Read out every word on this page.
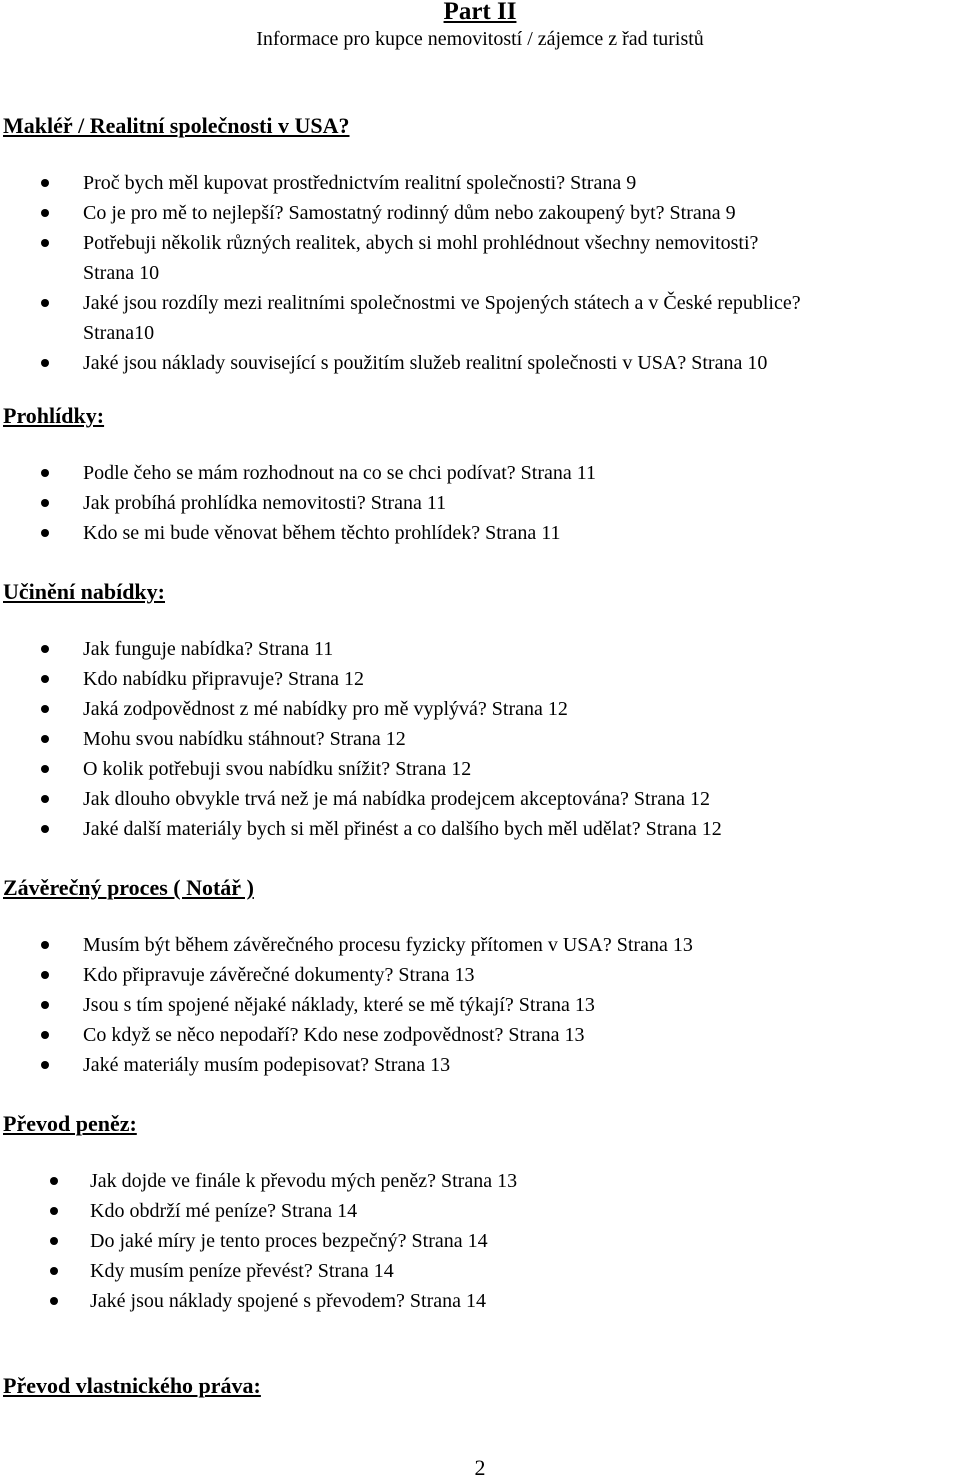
Part II
Informace pro kupce nemovitostí / zájemce z řad turistů
Makléř / Realitní společnosti v USA?
Proč bych měl kupovat prostřednictvím realitní společnosti? Strana 9
Co je pro mě to nejlepší? Samostatný rodinný dům nebo zakoupený byt? Strana 9
Potřebuji několik různých realitek, abych si mohl prohlédnout všechny nemovitosti?
Strana 10
Jaké jsou rozdíly mezi realitními společnostmi ve Spojených státech a v České republice?
Strana10
Jaké jsou náklady související s použitím služeb realitní společnosti v USA? Strana 10
Prohlídky:
Podle čeho se mám rozhodnout na co se chci podívat? Strana 11
Jak probíhá prohlídka nemovitosti? Strana 11
Kdo se mi bude věnovat během těchto prohlídek? Strana 11
Učinění nabídky:
Jak funguje nabídka? Strana 11
Kdo nabídku připravuje? Strana 12
Jaká zodpovědnost z mé nabídky pro mě vyplývá? Strana 12
Mohu svou nabídku stáhnout? Strana 12
O kolik potřebuji svou nabídku snížit? Strana 12
Jak dlouho obvykle trvá než je má nabídka prodejcem akceptována? Strana 12
Jaké další materiály bych si měl přinést a co dalšího bych měl udělat? Strana 12
Závěrečný proces ( Notář )
Musím být během závěrečného procesu fyzicky přítomen v USA? Strana 13
Kdo připravuje závěrečné dokumenty? Strana 13
Jsou s tím spojené nějaké náklady, které se mě týkají? Strana 13
Co když se něco nepodaří? Kdo nese zodpovědnost? Strana 13
Jaké materiály musím podepisovat? Strana 13
Převod peněz:
Jak dojde ve finále k převodu mých peněz? Strana 13
Kdo obdrží mé peníze? Strana 14
Do jaké míry je tento proces bezpečný? Strana 14
Kdy musím peníze převést? Strana 14
Jaké jsou náklady spojené s převodem? Strana 14
Převod vlastnického práva:
2
